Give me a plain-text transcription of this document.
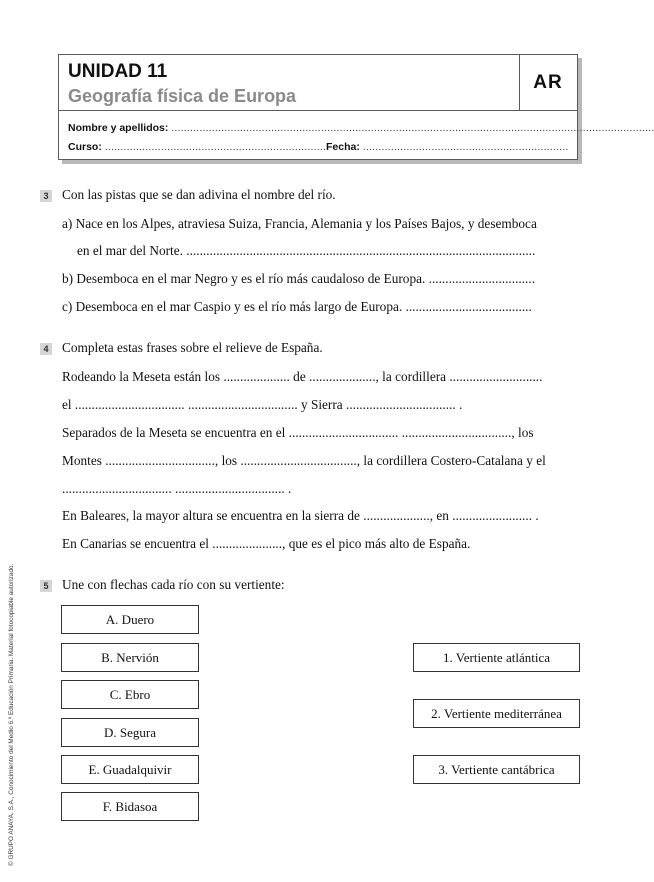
UNIDAD 11
Geografía física de Europa
AR
Nombre y apellidos: ...........................................................................................................................................................
Curso: ....................................................................... Fecha: ..................................................................
© GRUPO ANAYA, S.A., Conocimiento del Medio 6.º Educación Primaria. Material fotocopiable autorizado.
3 Con las pistas que se dan adivina el nombre del río.
a) Nace en los Alpes, atraviesa Suiza, Francia, Alemania y los Países Bajos, y desemboca
en el mar del Norte. .........................................................................................................
b) Desemboca en el mar Negro y es el río más caudaloso de Europa. ................................
c) Desemboca en el mar Caspio y es el río más largo de Europa. ......................................
4 Completa estas frases sobre el relieve de España.
Rodeando la Meseta están los .................... de ...................., la cordillera ............................
el ................................. ................................. y Sierra ................................. .
Separados de la Meseta se encuentra en el ................................. ................................., los
Montes ................................., los ..................................., la cordillera Costero-Catalana y el
................................. ................................. .
En Baleares, la mayor altura se encuentra en la sierra de ...................., en ........................ .
En Canarias se encuentra el ....................., que es el pico más alto de España.
5 Une con flechas cada río con su vertiente:
A. Duero
B. Nervión
C. Ebro
D. Segura
E. Guadalquivir
F. Bidasoa
1. Vertiente atlántica
2. Vertiente mediterránea
3. Vertiente cantábrica
